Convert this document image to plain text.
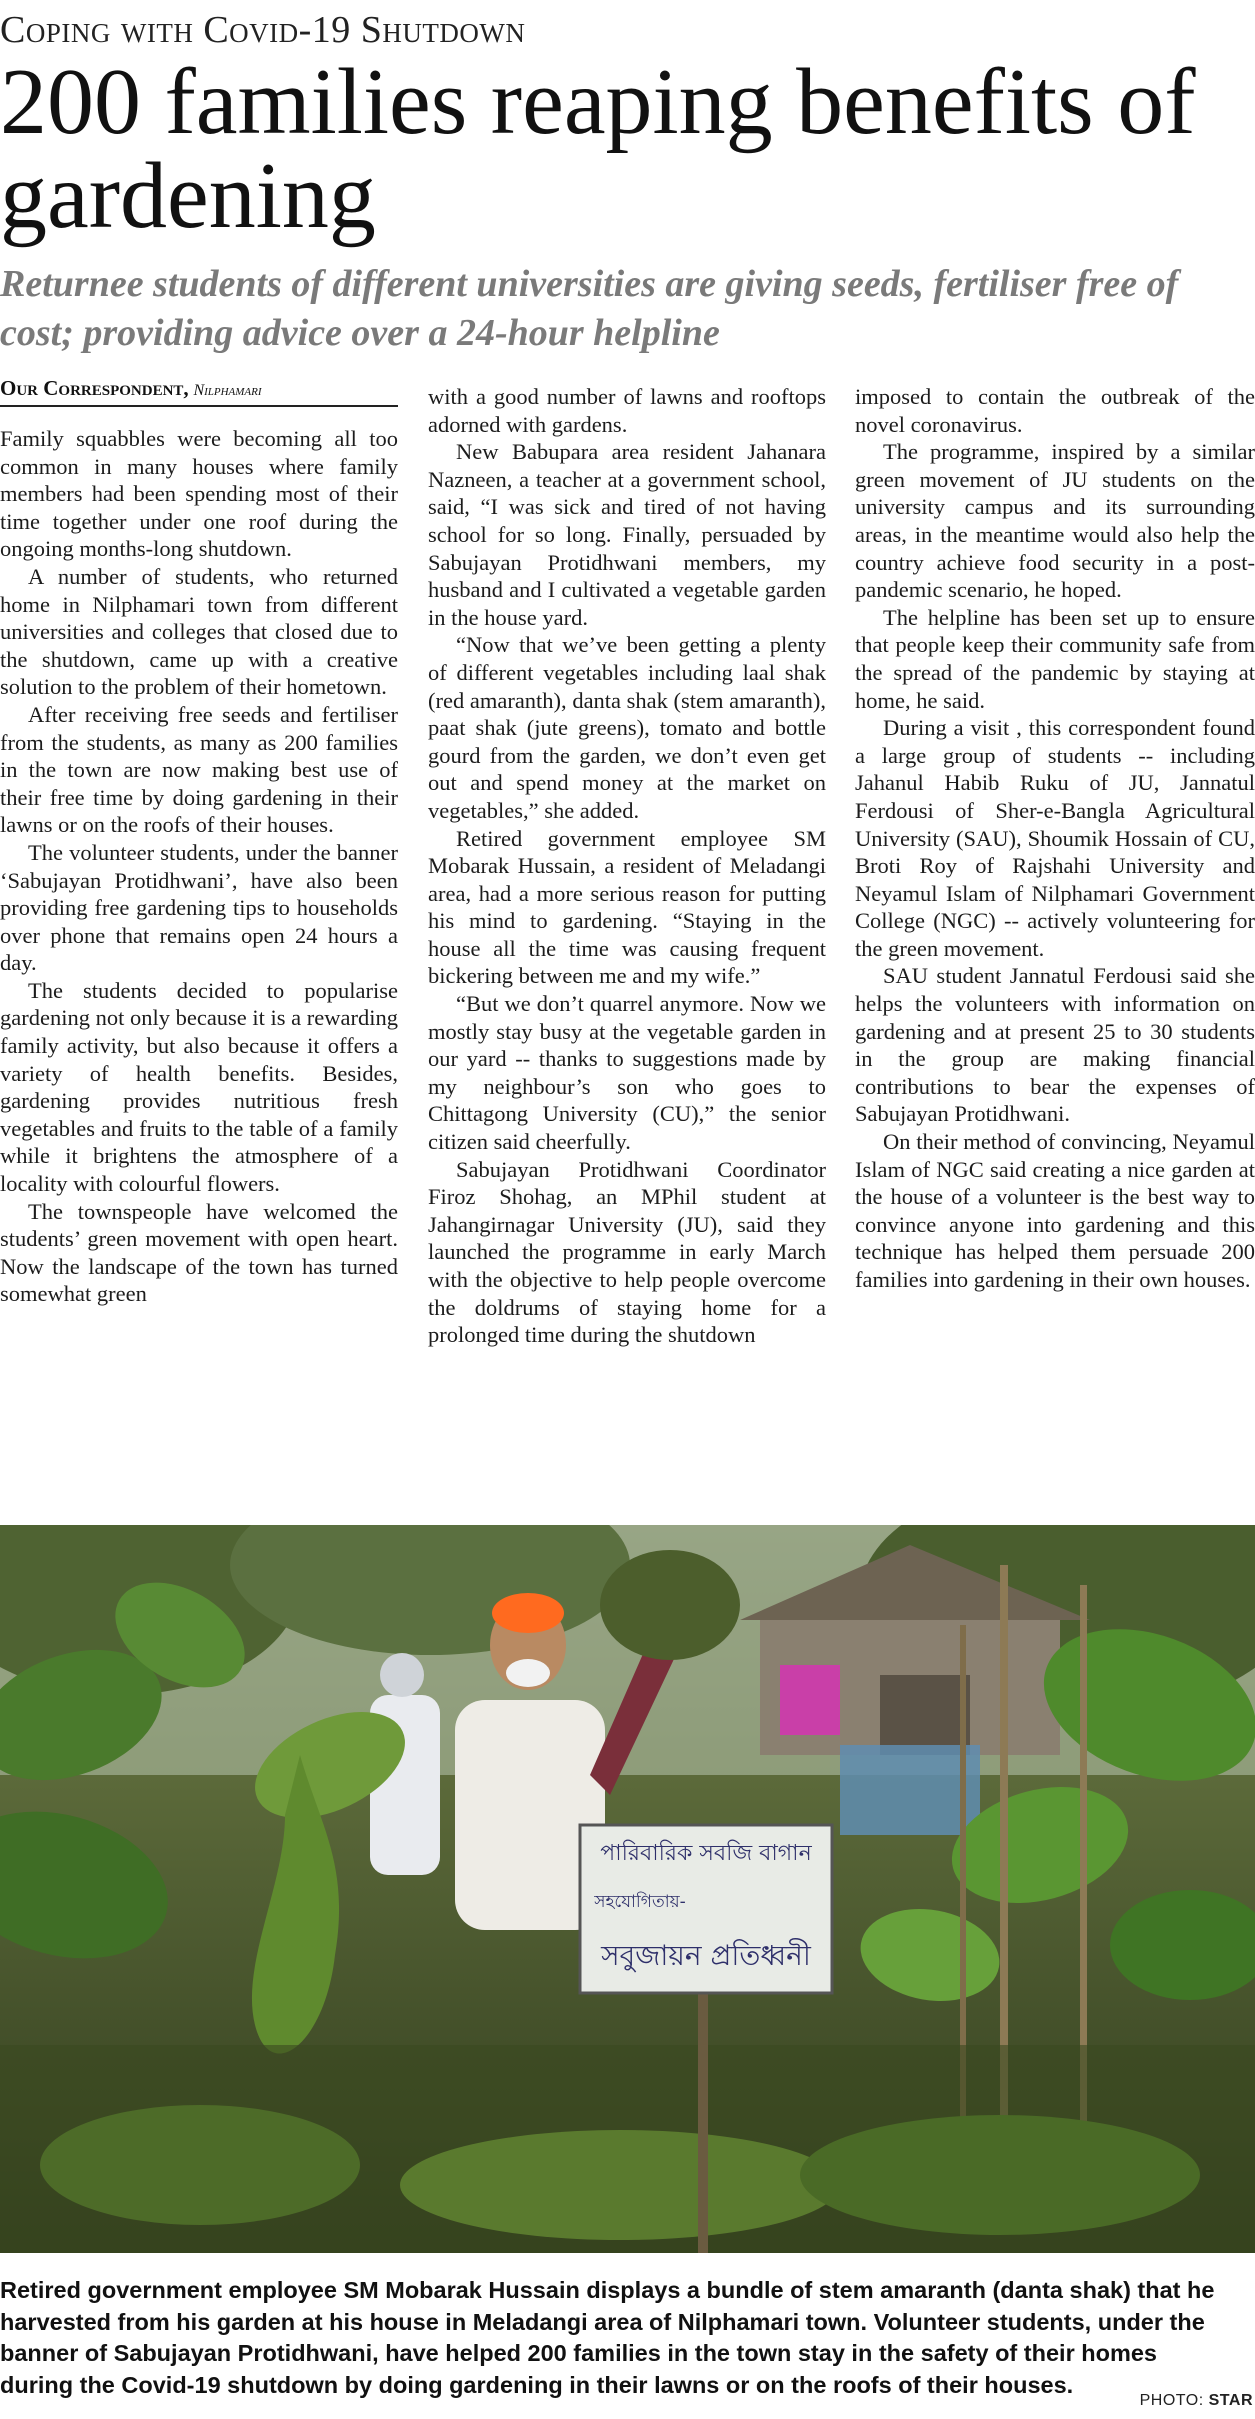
Coping with Covid-19 Shutdown
200 families reaping benefits of gardening
Returnee students of different universities are giving seeds, fertiliser free of cost; providing advice over a 24-hour helpline
Our Correspondent, Nilphamari

Family squabbles were becoming all too common in many houses where family members had been spending most of their time together under one roof during the ongoing months-long shutdown.

A number of students, who returned home in Nilphamari town from different universities and colleges that closed due to the shutdown, came up with a creative solution to the problem of their hometown.

After receiving free seeds and fertiliser from the students, as many as 200 families in the town are now making best use of their free time by doing gardening in their lawns or on the roofs of their houses.

The volunteer students, under the banner ‘Sabujayan Protidhwani’, have also been providing free gardening tips to households over phone that remains open 24 hours a day.

The students decided to popularise gardening not only because it is a rewarding family activity, but also because it offers a variety of health benefits. Besides, gardening provides nutritious fresh vegetables and fruits to the table of a family while it brightens the atmosphere of a locality with colourful flowers.

The townspeople have welcomed the students’ green movement with open heart. Now the landscape of the town has turned somewhat green

with a good number of lawns and rooftops adorned with gardens.

New Babupara area resident Jahanara Nazneen, a teacher at a government school, said, “I was sick and tired of not having school for so long. Finally, persuaded by Sabujayan Protidhwani members, my husband and I cultivated a vegetable garden in the house yard.

“Now that we’ve been getting a plenty of different vegetables including laal shak (red amaranth), danta shak (stem amaranth), paat shak (jute greens), tomato and bottle gourd from the garden, we don’t even get out and spend money at the market on vegetables,” she added.

Retired government employee SM Mobarak Hussain, a resident of Meladangi area, had a more serious reason for putting his mind to gardening. “Staying in the house all the time was causing frequent bickering between me and my wife.”

“But we don’t quarrel anymore. Now we mostly stay busy at the vegetable garden in our yard -- thanks to suggestions made by my neighbour’s son who goes to Chittagong University (CU),” the senior citizen said cheerfully.

Sabujayan Protidhwani Coordinator Firoz Shohag, an MPhil student at Jahangirnagar University (JU), said they launched the programme in early March with the objective to help people overcome the doldrums of staying home for a prolonged time during the shutdown

imposed to contain the outbreak of the novel coronavirus.

The programme, inspired by a similar green movement of JU students on the university campus and its surrounding areas, in the meantime would also help the country achieve food security in a post-pandemic scenario, he hoped.

The helpline has been set up to ensure that people keep their community safe from the spread of the pandemic by staying at home, he said.

During a visit , this correspondent found a large group of students -- including Jahanul Habib Ruku of JU, Jannatul Ferdousi of Sher-e-Bangla Agricultural University (SAU), Shoumik Hossain of CU, Broti Roy of Rajshahi University and Neyamul Islam of Nilphamari Government College (NGC) -- actively volunteering for the green movement.

SAU student Jannatul Ferdousi said she helps the volunteers with information on gardening and at present 25 to 30 students in the group are making financial contributions to bear the expenses of Sabujayan Protidhwani.

On their method of convincing, Neyamul Islam of NGC said creating a nice garden at the house of a volunteer is the best way to convince anyone into gardening and this technique has helped them persuade 200 families into gardening in their own houses.

পারিবারিক সবজি বাগান
সহযোগিতায়-
সবুজায়ন প্রতিধ্বনী
Retired government employee SM Mobarak Hussain displays a bundle of stem amaranth (danta shak) that he harvested from his garden at his house in Meladangi area of Nilphamari town. Volunteer students, under the banner of Sabujayan Protidhwani, have helped 200 families in the town stay in the safety of their homes during the Covid-19 shutdown by doing gardening in their lawns or on the roofs of their houses.
PHOTO: STAR
